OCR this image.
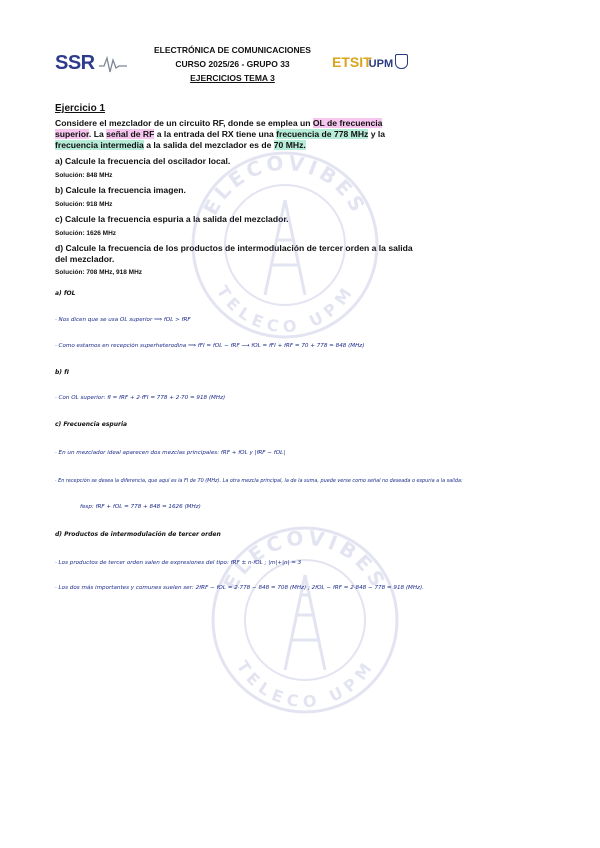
SSR
ELECTRÓNICA DE COMUNICACIONES
CURSO 2025/26 - GRUPO 33
EJERCICIOS TEMA 3
ETSITUPM
Ejercicio 1
Considere el mezclador de un circuito RF, donde se emplea un OL de frecuencia superior. La señal de RF a la entrada del RX tiene una frecuencia de 778 MHz y la frecuencia intermedia a la salida del mezclador es de 70 MHz.
a) Calcule la frecuencia del oscilador local.
Solución: 848 MHz
b) Calcule la frecuencia imagen.
Solución: 918 MHz
c) Calcule la frecuencia espuria a la salida del mezclador.
Solución: 1626 MHz
d) Calcule la frecuencia de los productos de intermodulación de tercer orden a la salida del mezclador.
Solución: 708 MHz, 918 MHz
ELECOVIBES
TELECO UPM
ELECOVIBES
TELECO UPM
a) fOL
· Nos dicen que se usa OL superior ⟹ fOL > fRF
· Como estamos en recepción superheterodina ⟹ fFI = fOL − fRF ⟶ fOL = fFI + fRF = 70 + 778 = 848 (MHz)
b) fI
· Con OL superior: fI = fRF + 2·fFI = 778 + 2·70 = 918 (MHz)
c) Frecuencia espuria
· En un mezclador ideal aparecen dos mezclas principales: fRF + fOL y |fRF − fOL|
· En recepción se desea la diferencia, que aquí es la FI de 70 (MHz). La otra mezcla principal, la de la suma, puede verse como señal no deseada o espuria a la salida:
fesp: fRF + fOL = 778 + 848 = 1626 (MHz)
d) Productos de intermodulación de tercer orden
· Los productos de tercer orden salen de expresiones del tipo: fRF ± n·fOL ; |m|+|n| = 3
· Los dos más importantes y comunes suelen ser: 2fRF − fOL = 2·778 − 848 = 708 (MHz) ; 2fOL − fRF = 2·848 − 778 = 918 (MHz).
